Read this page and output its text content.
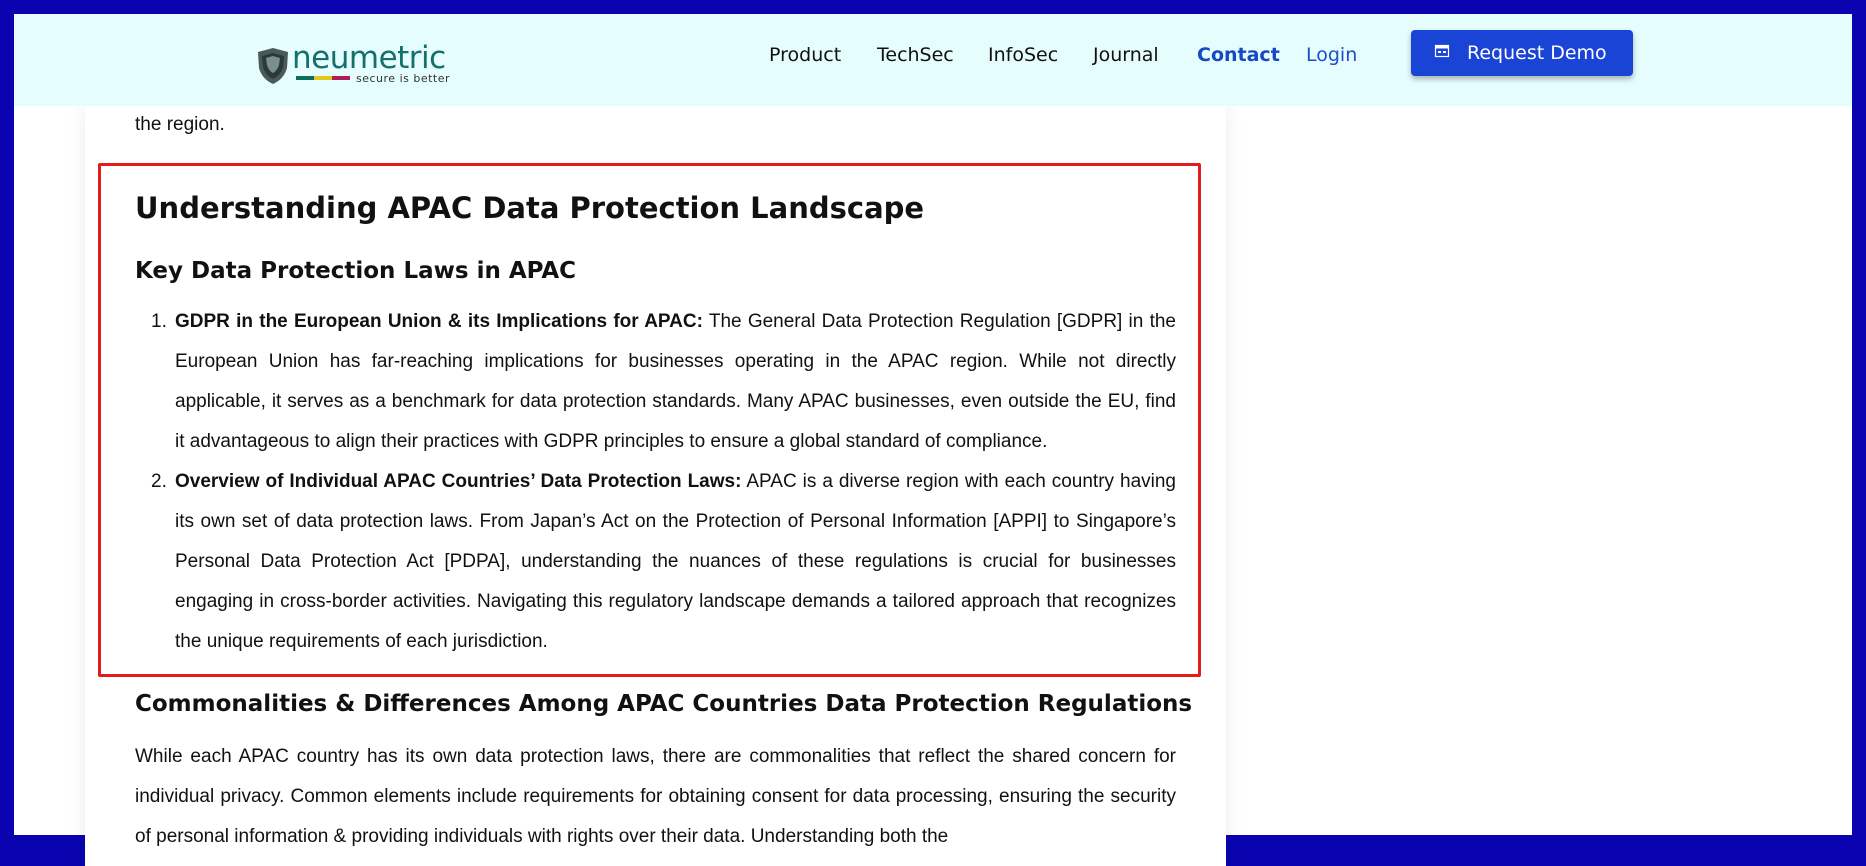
neumetric
secure is better
Product TechSec InfoSec Journal Contact Login	Request Demo

the region.

Understanding APAC Data Protection Landscape
Key Data Protection Laws in APAC
1. GDPR in the European Union & its Implications for APAC: The General Data Protection Regulation [GDPR] in the European Union has far-reaching implications for businesses operating in the APAC region. While not directly applicable, it serves as a benchmark for data protection standards. Many APAC businesses, even outside the EU, find it advantageous to align their practices with GDPR principles to ensure a global standard of compliance.

2. Overview of Individual APAC Countries’ Data Protection Laws: APAC is a diverse region with each country having its own set of data protection laws. From Japan’s Act on the Protection of Personal Information [APPI] to Singapore’s Personal Data Protection Act [PDPA], understanding the nuances of these regulations is crucial for businesses engaging in cross-border activities. Navigating this regulatory landscape demands a tailored approach that recognizes the unique requirements of each jurisdiction.

Commonalities & Differences Among APAC Countries Data Protection Regulations

While each APAC country has its own data protection laws, there are commonalities that reflect the shared concern for individual privacy. Common elements include requirements for obtaining consent for data processing, ensuring the security of personal information & providing individuals with rights over their data. Understanding both the
